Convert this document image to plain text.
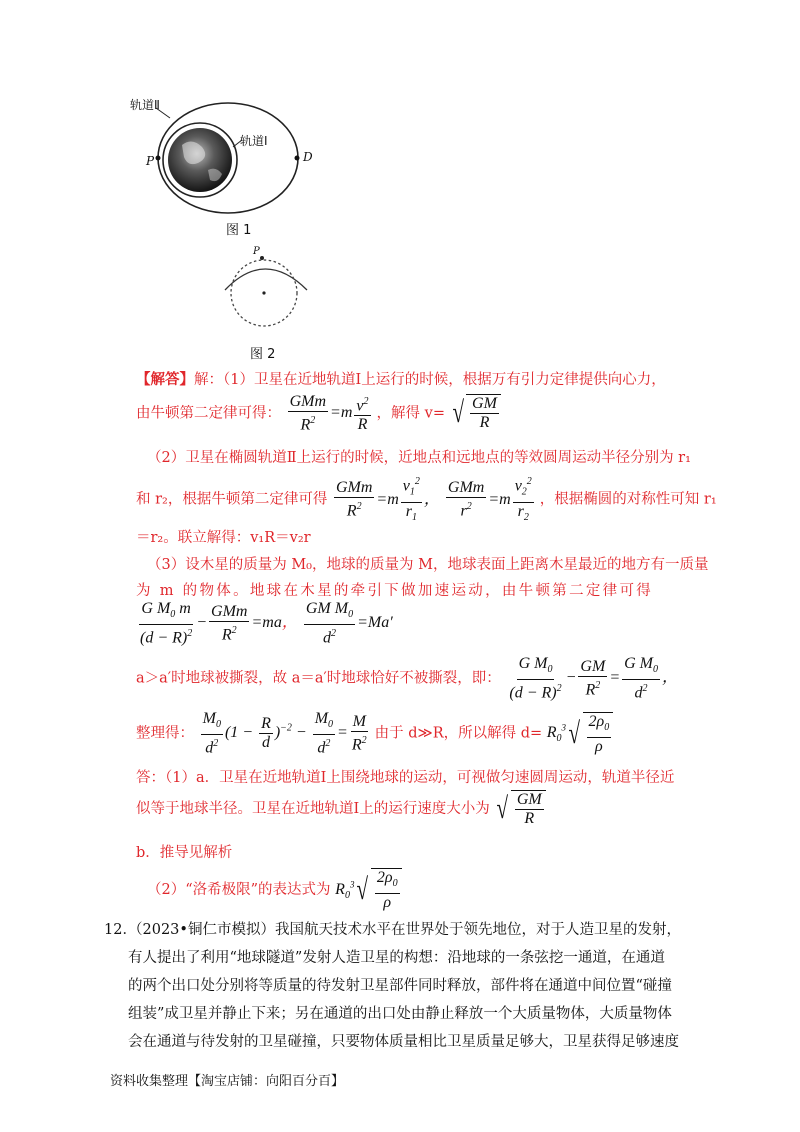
轨道Ⅱ
轨道Ⅰ
P	D
图 1
P
图 2
【解答】解：（1）卫星在近地轨道Ⅰ上运行的时候，根据万有引力定律提供向心力，
由牛顿第二定律可得： $\frac{\text{GMm}}{R^2} =m \frac{v^2}{R}$ ，解得 v= √ $\frac{GM}{R}$
（2）卫星在椭圆轨道Ⅱ上运行的时候，近地点和远地点的等效圆周运动半径分别为 r₁
和 r₂，根据牛顿第二定律可得 $\frac{\text{GMm}}{R^2} =m \frac{v_1^2}{r_1}$ ， $\frac{\text{GMm}}{r^2} =m \frac{v_2^2}{r_2}$ ，根据椭圆的对称性可知 r₁
＝r₂。联立解得：v₁R＝v₂r
（3）设木星的质量为 M₀，地球的质量为 M，地球表面上距离木星最近的地方有一质量
为 m 的物体。地球在木星的牵引下做加速运动，由牛顿第二定律可得
$\frac{G M_0 m}{(d - R)^2} - \frac{\text{GMm}}{R^2} =ma$， $\frac{GM M_0}{d^2} =Ma'$
a＞a′时地球被撕裂，故 a＝a′时地球恰好不被撕裂，即： $\frac{G M_0}{(d - R)^2} - \frac{GM}{R^2} = \frac{G M_0}{d^2}$ ，
整理得： $\frac{M_0}{d^2} (1 - \frac{R}{d} )^{-2} - \frac{M_0}{d^2} = \frac{M}{R^2}$ 由于 d≫R，所以解得 $d= R_0^3$ √ $\frac{2\rho_0}{\rho}$
答：（1）a．卫星在近地轨道Ⅰ上围绕地球的运动，可视做匀速圆周运动，轨道半径近
似等于地球半径。卫星在近地轨道Ⅰ上的运行速度大小为 √ $\frac{GM}{R}$
b．推导见解析
（2）“洛希极限”的表达式为 $R_0^3$ √ $\frac{2\rho_0}{\rho}$
12．
（2023•铜仁市模拟）我国航天技术水平在世界处于领先地位，对于人造卫星的发射，
有人提出了利用“地球隧道”发射人造卫星的构想：沿地球的一条弦挖一通道，在通道
的两个出口处分别将等质量的待发射卫星部件同时释放，部件将在通道中间位置“碰撞
组装”成卫星并静止下来；另在通道的出口处由静止释放一个大质量物体，大质量物体
会在通道与待发射的卫星碰撞，只要物体质量相比卫星质量足够大，卫星获得足够速度
资料收集整理【淘宝店铺：向阳百分百】
